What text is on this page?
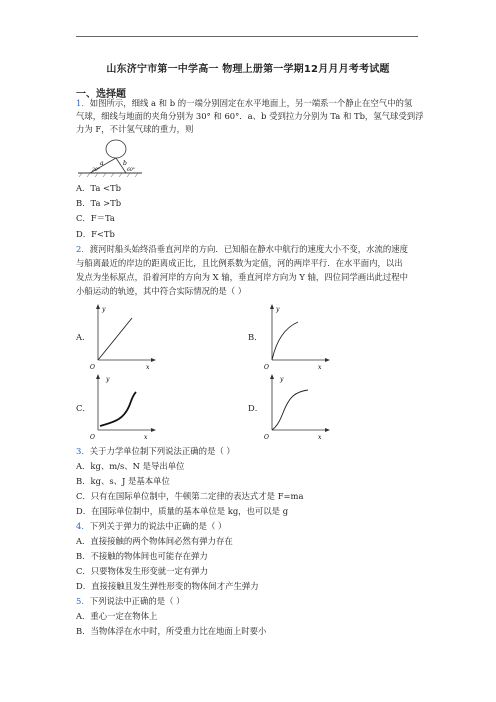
山东济宁市第一中学高一 物理上册第一学期12月月月考考试题
一、选择题
1．如图所示，细线 a 和 b 的一端分别固定在水平地面上，另一端系一个静止在空气中的氢
气球，细线与地面的夹角分别为 30° 和 60°．a、b 受到拉力分别为 Ta 和 Tb，氢气球受到浮
力为 F，不计氢气球的重力，则
a	b
30°	60°
A．Ta <Tb
B．Ta >Tb
C．F＝Ta
D．F<Tb
2．渡河时船头始终沿垂直河岸的方向．已知船在静水中航行的速度大小不变，水流的速度
与船离最近的岸边的距离成正比，且比例系数为定值，河的两岸平行．在水平面内，以出
发点为坐标原点，沿着河岸的方向为 X 轴，垂直河岸方向为 Y 轴，四位同学画出此过程中
小船运动的轨迹，其中符合实际情况的是（ ）
A．
y
x
O
B．
y
x
O
C．
y
x
O
D．
y
x
O
3．关于力学单位制下列说法正确的是（ ）
A．kg、m/s、N 是导出单位
B．kg、s、J 是基本单位
C．只有在国际单位制中，牛顿第二定律的表达式才是 F=ma
D．在国际单位制中，质量的基本单位是 kg，也可以是 g
4．下列关于弹力的说法中正确的是（ ）
A．直接接触的两个物体间必然有弹力存在
B．不接触的物体间也可能存在弹力
C．只要物体发生形变就一定有弹力
D．直接接触且发生弹性形变的物体间才产生弹力
5．下列说法中正确的是（ ）
A．重心一定在物体上
B．当物体浮在水中时，所受重力比在地面上时要小
